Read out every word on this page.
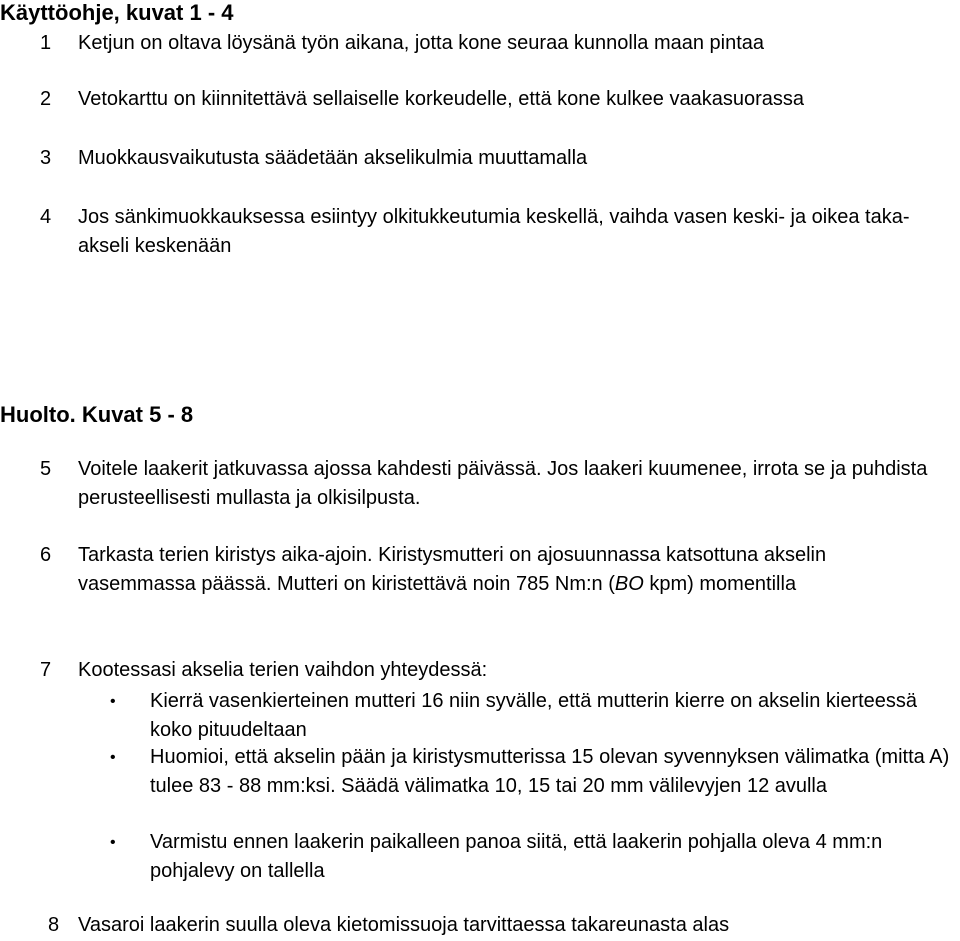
Käyttöohje, kuvat 1 - 4
1 Ketjun on oltava löysänä työn aikana, jotta kone seuraa kunnolla maan pintaa
2 Vetokarttu on kiinnitettävä sellaiselle korkeudelle, että kone kulkee vaakasuorassa
3 Muokkausvaikutusta säädetään akselikulmia muuttamalla
4 Jos sänkimuokkauksessa esiintyy olkitukkeutumia keskellä, vaihda vasen keski- ja oikea taka-akseli keskenään
Huolto. Kuvat 5 - 8
5 Voitele laakerit jatkuvassa ajossa kahdesti päivässä. Jos laakeri kuumenee, irrota se ja puhdista perusteellisesti mullasta ja olkisilpusta.
6 Tarkasta terien kiristys aika-ajoin. Kiristysmutteri on ajosuunnassa katsottuna akselin vasemmassa päässä. Mutteri on kiristettävä noin 785 Nm:n (BO kpm) momentilla
7 Kootessasi akselia terien vaihdon yhteydessä:
• Kierrä vasenkierteinen mutteri 16 niin syvälle, että mutterin kierre on akselin kierteessä koko pituudeltaan
• Huomioi, että akselin pään ja kiristysmutterissa 15 olevan syvennyksen välimatka (mitta A) tulee 83 - 88 mm:ksi. Säädä välimatka 10, 15 tai 20 mm välilevyjen 12 avulla
• Varmistu ennen laakerin paikalleen panoa siitä, että laakerin pohjalla oleva 4 mm:n pohjalevy on tallella
8 Vasaroi laakerin suulla oleva kietomissuoja tarvittaessa takareunasta alas
